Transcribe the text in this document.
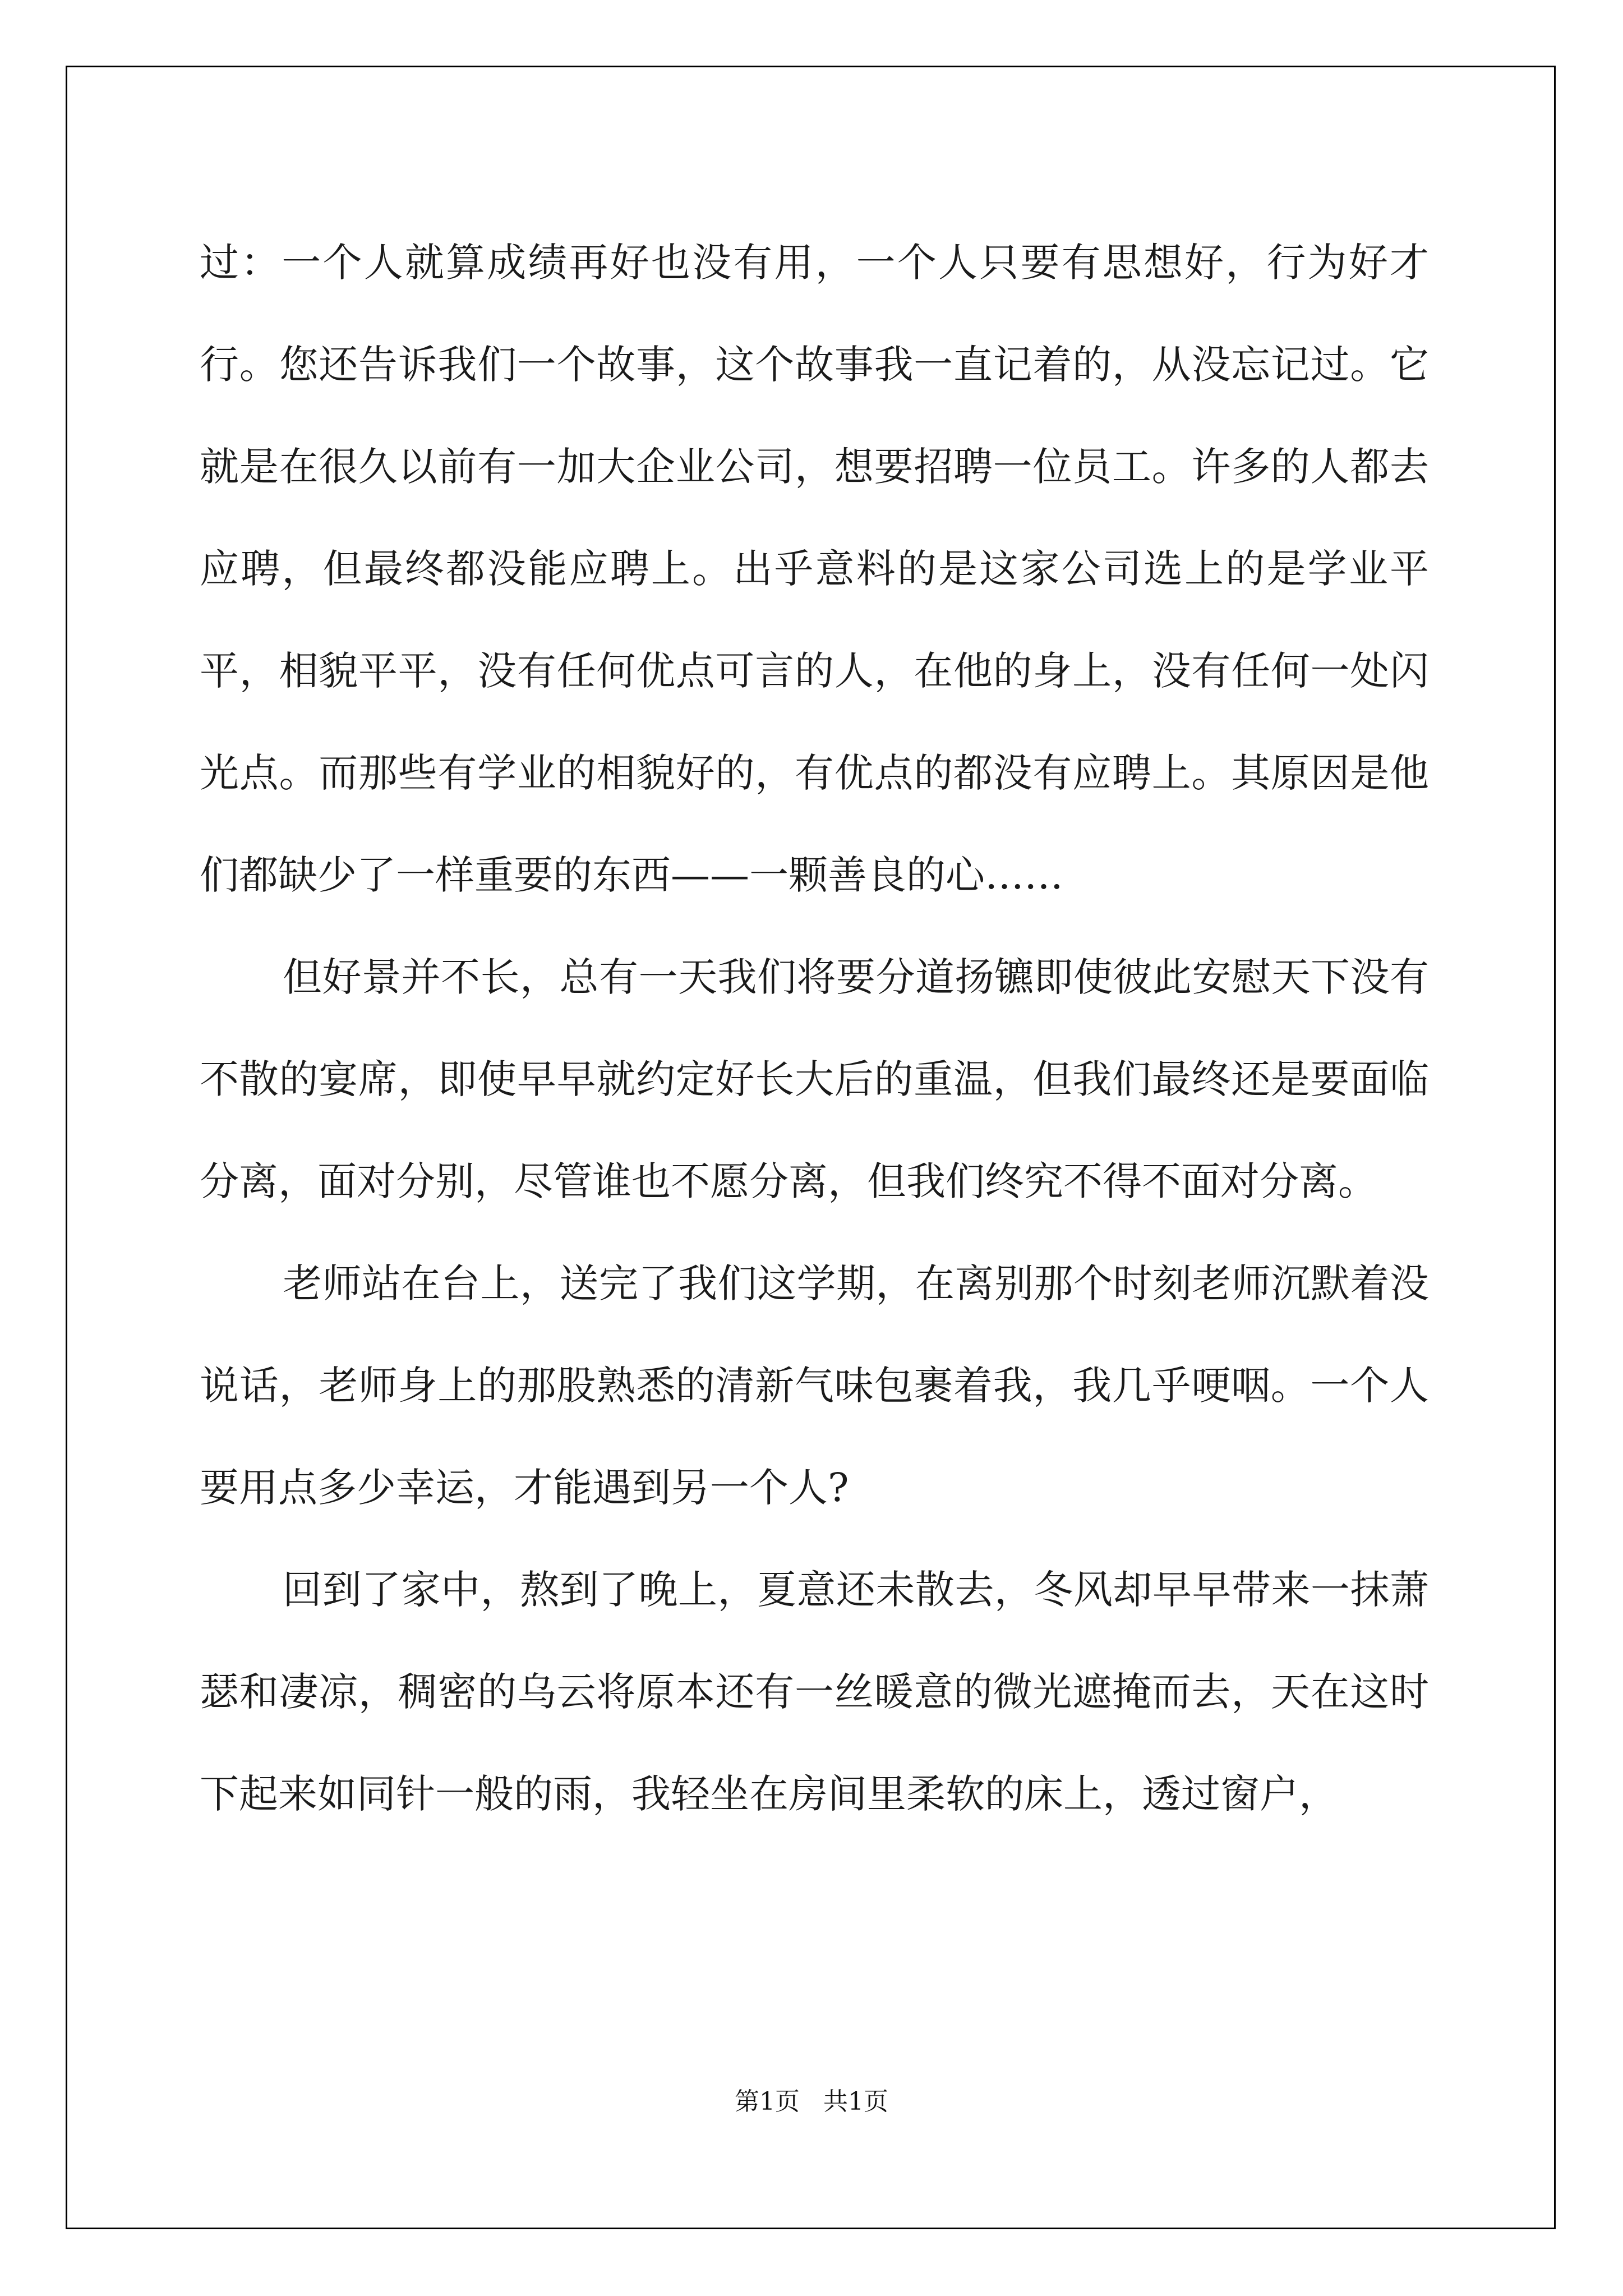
过：一个人就算成绩再好也没有用，一个人只要有思想好，行为好才行。您还告诉我们一个故事，这个故事我一直记着的，从没忘记过。它就是在很久以前有一加大企业公司，想要招聘一位员工。许多的人都去应聘，但最终都没能应聘上。出乎意料的是这家公司选上的是学业平平，相貌平平，没有任何优点可言的人，在他的身上，没有任何一处闪光点。而那些有学业的相貌好的，有优点的都没有应聘上。其原因是他们都缺少了一样重要的东西——一颗善良的心……

但好景并不长，总有一天我们将要分道扬镳即使彼此安慰天下没有不散的宴席，即使早早就约定好长大后的重温，但我们最终还是要面临分离，面对分别，尽管谁也不愿分离，但我们终究不得不面对分离。

老师站在台上，送完了我们这学期，在离别那个时刻老师沉默着没说话，老师身上的那股熟悉的清新气味包裹着我，我几乎哽咽。一个人要用点多少幸运，才能遇到另一个人?

回到了家中，熬到了晚上，夏意还未散去，冬风却早早带来一抹萧瑟和凄凉，稠密的乌云将原本还有一丝暖意的微光遮掩而去，天在这时下起来如同针一般的雨，我轻坐在房间里柔软的床上，透过窗户，

第1页 共1页
